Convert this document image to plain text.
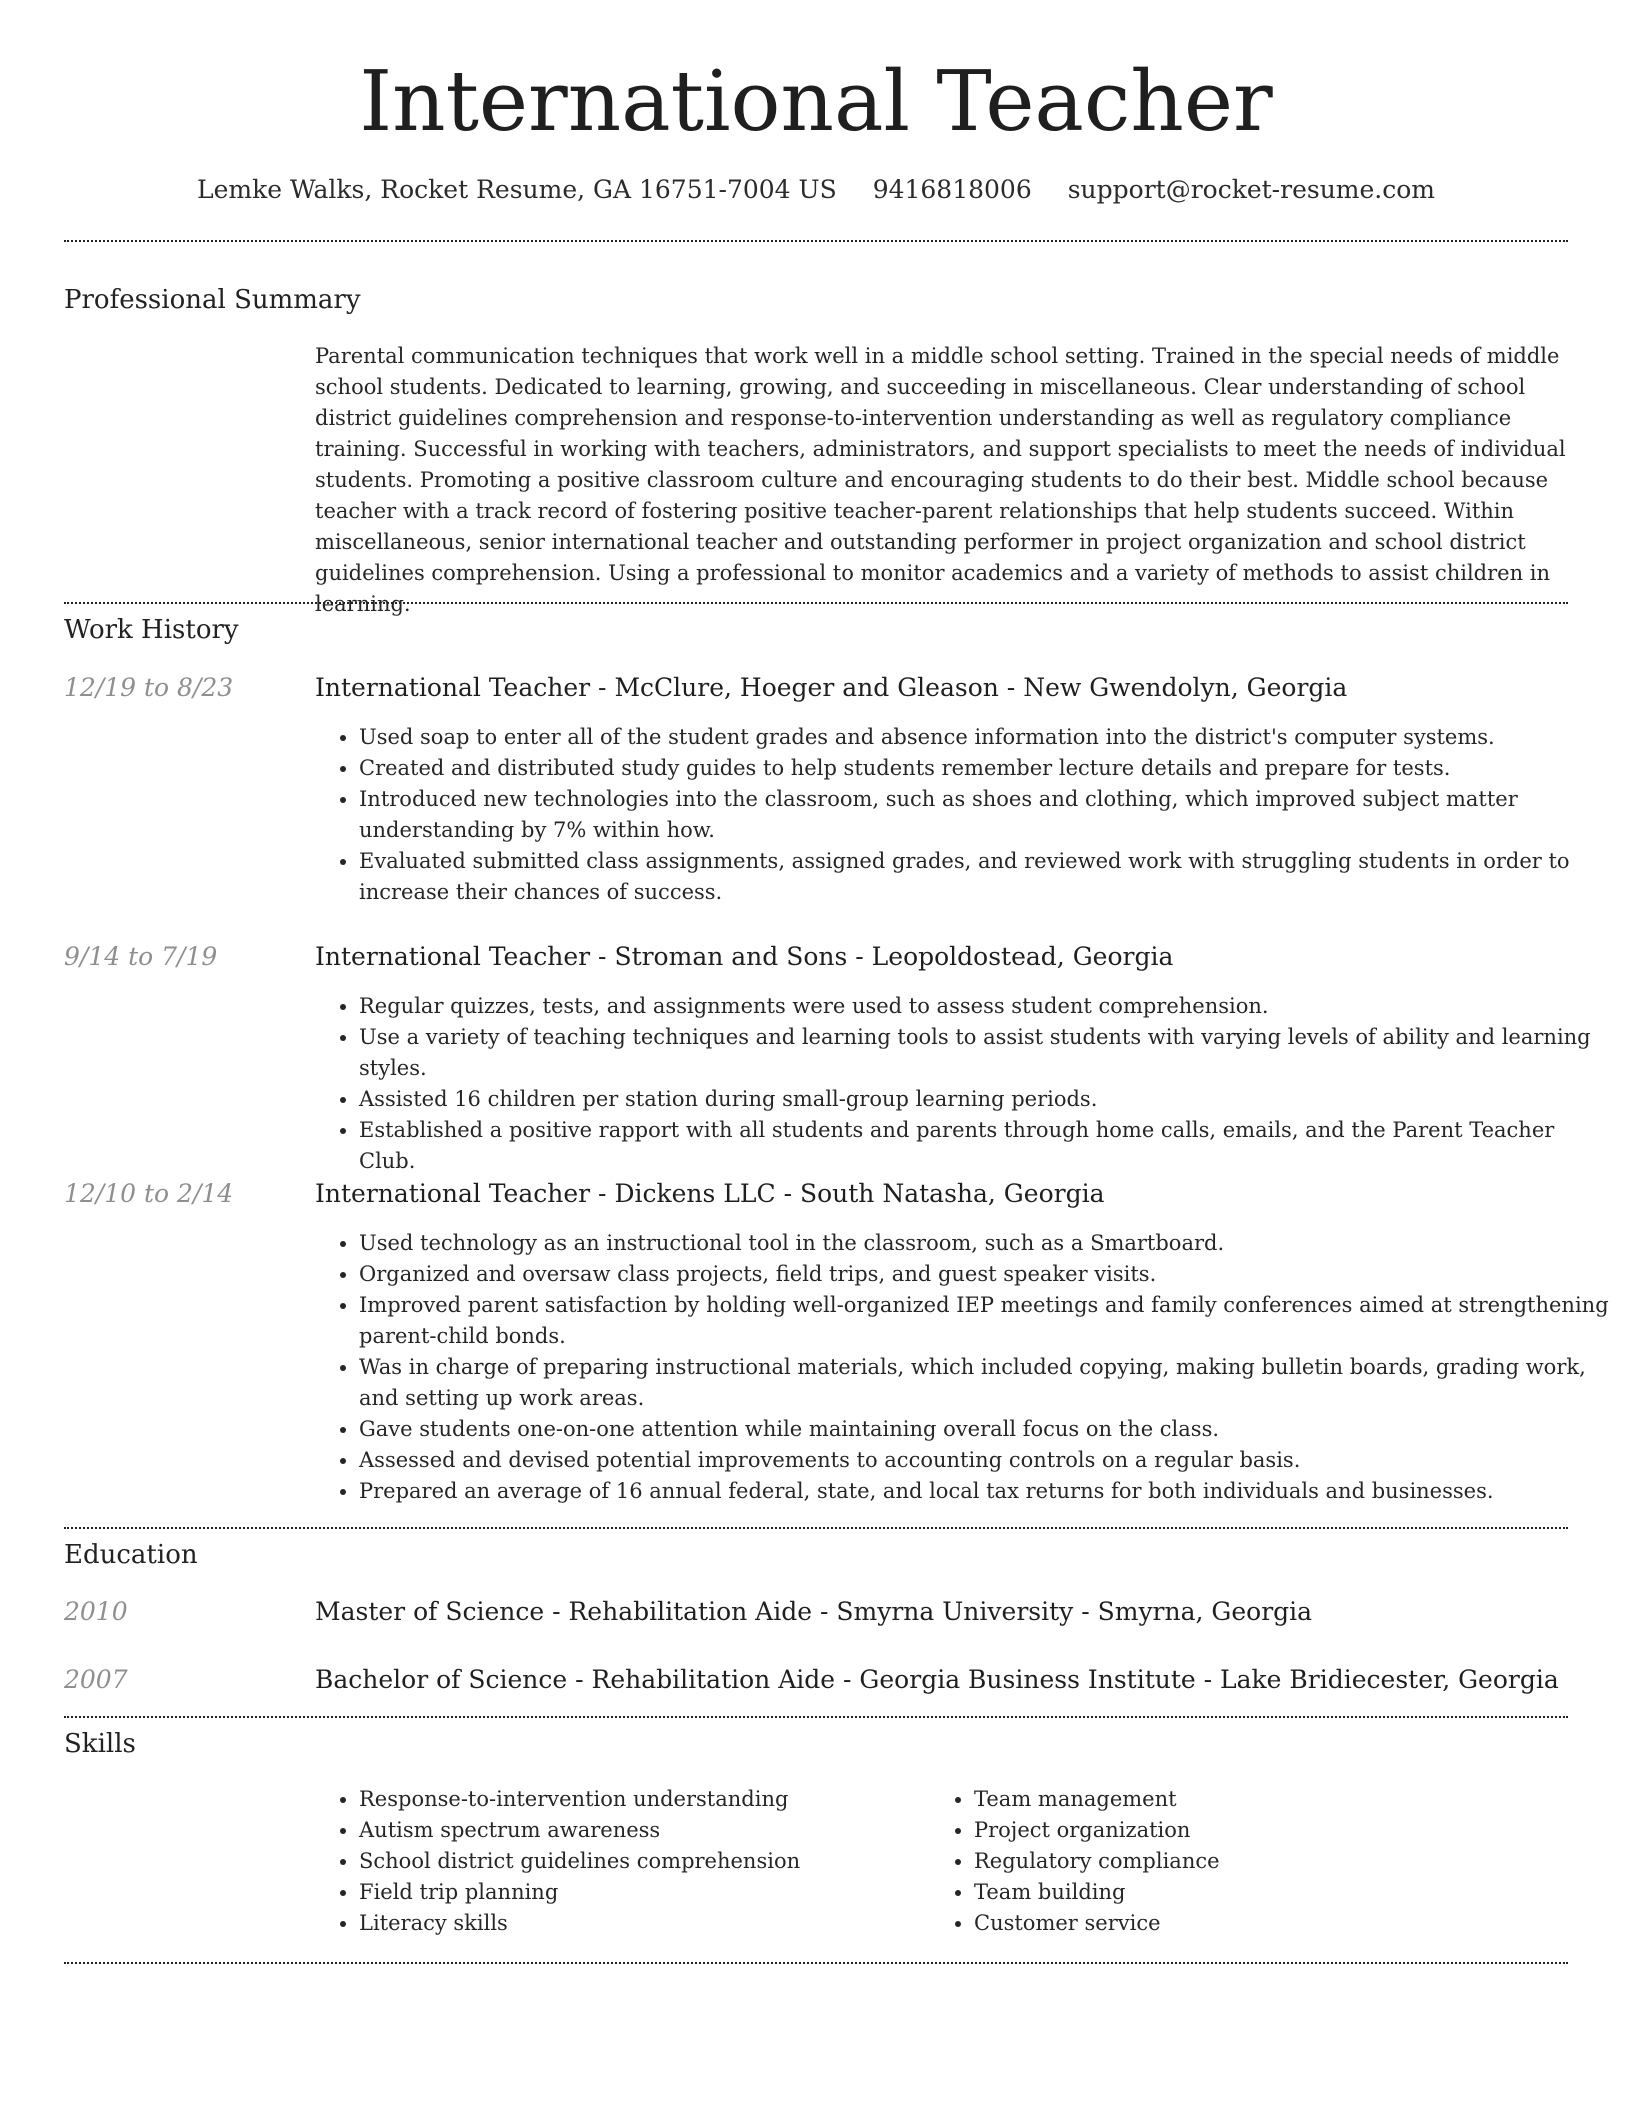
International Teacher
Lemke Walks, Rocket Resume, GA 16751-7004 US 9416818006 support@rocket-resume.com
Professional Summary

Parental communication techniques that work well in a middle school setting. Trained in the special needs of middle school students. Dedicated to learning, growing, and succeeding in miscellaneous. Clear understanding of school district guidelines comprehension and response-to-intervention understanding as well as regulatory compliance training. Successful in working with teachers, administrators, and support specialists to meet the needs of individual students. Promoting a positive classroom culture and encouraging students to do their best. Middle school because teacher with a track record of fostering positive teacher-parent relationships that help students succeed. Within miscellaneous, senior international teacher and outstanding performer in project organization and school district guidelines comprehension. Using a professional to monitor academics and a variety of methods to assist children in learning.

Work History
12/19 to 8/23	International Teacher - McClure, Hoeger and Gleason - New Gwendolyn, Georgia
• Used soap to enter all of the student grades and absence information into the district's computer systems.
• Created and distributed study guides to help students remember lecture details and prepare for tests.
• Introduced new technologies into the classroom, such as shoes and clothing, which improved subject matter understanding by 7% within how.
• Evaluated submitted class assignments, assigned grades, and reviewed work with struggling students in order to increase their chances of success.
9/14 to 7/19	International Teacher - Stroman and Sons - Leopoldostead, Georgia
• Regular quizzes, tests, and assignments were used to assess student comprehension.
• Use a variety of teaching techniques and learning tools to assist students with varying levels of ability and learning styles.
• Assisted 16 children per station during small-group learning periods.
• Established a positive rapport with all students and parents through home calls, emails, and the Parent Teacher Club.
12/10 to 2/14	International Teacher - Dickens LLC - South Natasha, Georgia
• Used technology as an instructional tool in the classroom, such as a Smartboard.
• Organized and oversaw class projects, field trips, and guest speaker visits.
• Improved parent satisfaction by holding well-organized IEP meetings and family conferences aimed at strengthening parent-child bonds.
• Was in charge of preparing instructional materials, which included copying, making bulletin boards, grading work, and setting up work areas.
• Gave students one-on-one attention while maintaining overall focus on the class.
• Assessed and devised potential improvements to accounting controls on a regular basis.
• Prepared an average of 16 annual federal, state, and local tax returns for both individuals and businesses.
Education
2010	Master of Science - Rehabilitation Aide - Smyrna University - Smyrna, Georgia
2007	Bachelor of Science - Rehabilitation Aide - Georgia Business Institute - Lake Bridiecester, Georgia
Skills
• Response-to-intervention understanding
• Autism spectrum awareness
• School district guidelines comprehension
• Field trip planning
• Literacy skills
• Team management
• Project organization
• Regulatory compliance
• Team building
• Customer service
